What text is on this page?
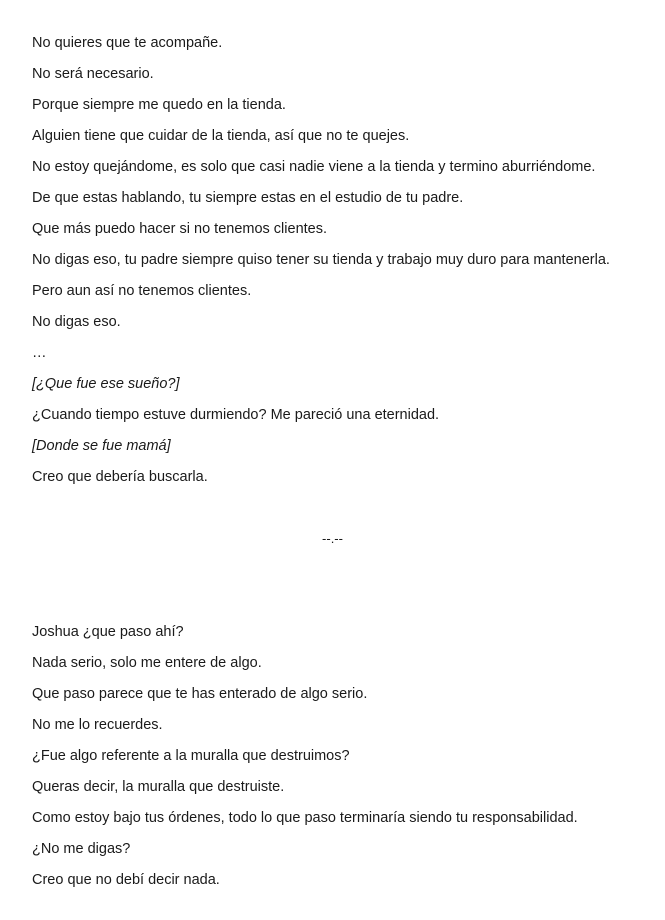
No quieres que te acompañe.

No será necesario.

Porque siempre me quedo en la tienda.

Alguien tiene que cuidar de la tienda, así que no te quejes.

No estoy quejándome, es solo que casi nadie viene a la tienda y termino aburriéndome.

De que estas hablando, tu siempre estas en el estudio de tu padre.

Que más puedo hacer si no tenemos clientes.

No digas eso, tu padre siempre quiso tener su tienda y trabajo muy duro para mantenerla.

Pero aun así no tenemos clientes.

No digas eso.

…

[¿Que fue ese sueño?]

¿Cuando tiempo estuve durmiendo? Me pareció una eternidad.

[Donde se fue mamá]

Creo que debería buscarla.

--.--

Joshua ¿que paso ahí?

Nada serio, solo me entere de algo.

Que paso parece que te has enterado de algo serio.

No me lo recuerdes.

¿Fue algo referente a la muralla que destruimos?

Queras decir, la muralla que destruiste.

Como estoy bajo tus órdenes, todo lo que paso terminaría siendo tu responsabilidad.

¿No me digas?

Creo que no debí decir nada.
